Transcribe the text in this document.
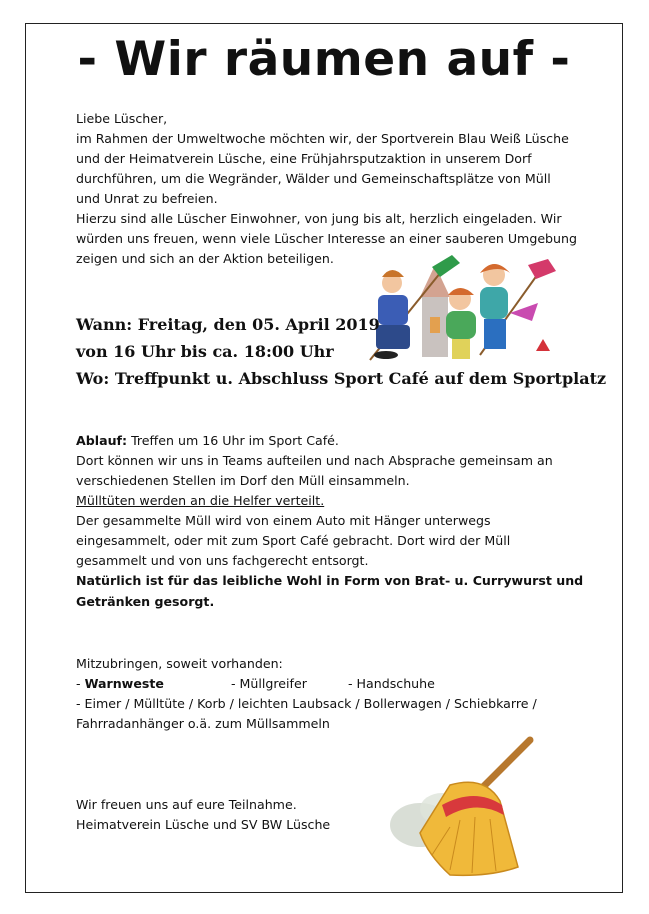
- Wir räumen auf -
Liebe Lüscher,
im Rahmen der Umweltwoche möchten wir, der Sportverein Blau Weiß Lüsche
und der Heimatverein Lüsche, eine Frühjahrsputzaktion in unserem Dorf
durchführen, um die Wegränder, Wälder und Gemeinschaftsplätze von Müll
und Unrat zu befreien.
Hierzu sind alle Lüscher Einwohner, von jung bis alt, herzlich eingeladen. Wir
würden uns freuen, wenn viele Lüscher Interesse an einer sauberen Umgebung
zeigen und sich an der Aktion beteiligen.
Wann: Freitag, den 05. April 2019
von 16 Uhr bis ca. 18:00 Uhr
Wo: Treffpunkt u. Abschluss Sport Café auf dem Sportplatz
Ablauf: Treffen um 16 Uhr im Sport Café.
Dort können wir uns in Teams aufteilen und nach Absprache gemeinsam an
verschiedenen Stellen im Dorf den Müll einsammeln.
Mülltüten werden an die Helfer verteilt.
Der gesammelte Müll wird von einem Auto mit Hänger unterwegs
eingesammelt, oder mit zum Sport Café gebracht. Dort wird der Müll
gesammelt und von uns fachgerecht entsorgt.
Natürlich ist für das leibliche Wohl in Form von Brat- u. Currywurst und
Getränken gesorgt.
Mitzubringen, soweit vorhanden:
- Warnweste	- Müllgreifer	- Handschuhe
- Eimer / Mülltüte / Korb / leichten Laubsack / Bollerwagen / Schiebkarre /
Fahrradanhänger o.ä. zum Müllsammeln
Wir freuen uns auf eure Teilnahme.
Heimatverein Lüsche und SV BW Lüsche
